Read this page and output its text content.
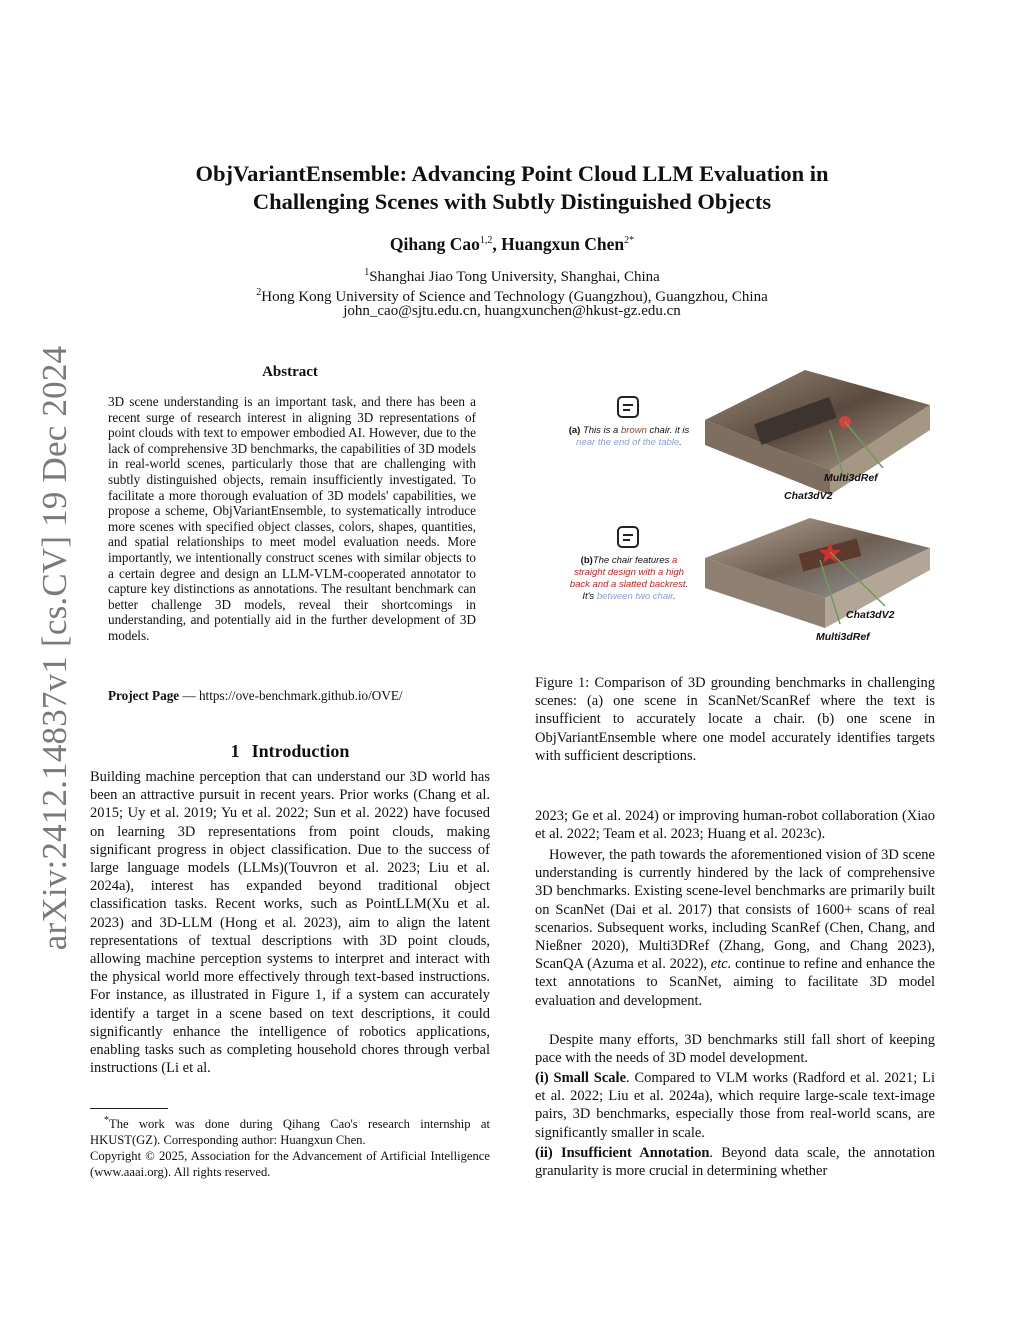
arXiv:2412.14837v1 [cs.CV] 19 Dec 2024
ObjVariantEnsemble: Advancing Point Cloud LLM Evaluation in
Challenging Scenes with Subtly Distinguished Objects
Qihang Cao$^{1,2}$, Huangxun Chen$^{2*}$
$^1$Shanghai Jiao Tong University, Shanghai, China
$^2$Hong Kong University of Science and Technology (Guangzhou), Guangzhou, China
john_cao@sjtu.edu.cn, huangxunchen@hkust-gz.edu.cn
Abstract
3D scene understanding is an important task, and there has been a recent surge of research interest in aligning 3D representations of point clouds with text to empower embodied AI. However, due to the lack of comprehensive 3D benchmarks, the capabilities of 3D models in real-world scenes, particularly those that are challenging with subtly distinguished objects, remain insufficiently investigated. To facilitate a more thorough evaluation of 3D models' capabilities, we propose a scheme, ObjVariantEnsemble, to systematically introduce more scenes with specified object classes, colors, shapes, quantities, and spatial relationships to meet model evaluation needs. More importantly, we intentionally construct scenes with similar objects to a certain degree and design an LLM-VLM-cooperated annotator to capture key distinctions as annotations. The resultant benchmark can better challenge 3D models, reveal their shortcomings in understanding, and potentially aid in the further development of 3D models.
Project Page — https://ove-benchmark.github.io/OVE/
1 Introduction
Building machine perception that can understand our 3D world has been an attractive pursuit in recent years. Prior works (Chang et al. 2015; Uy et al. 2019; Yu et al. 2022; Sun et al. 2022) have focused on learning 3D representations from point clouds, making significant progress in object classification. Due to the success of large language models (LLMs)(Touvron et al. 2023; Liu et al. 2024a), interest has expanded beyond traditional object classification tasks. Recent works, such as PointLLM(Xu et al. 2023) and 3D-LLM (Hong et al. 2023), aim to align the latent representations of textual descriptions with 3D point clouds, allowing machine perception systems to interpret and interact with the physical world more effectively through text-based instructions. For instance, as illustrated in Figure 1, if a system can accurately identify a target in a scene based on text descriptions, it could significantly enhance the intelligence of robotics applications, enabling tasks such as completing household chores through verbal instructions (Li et al.
*The work was done during Qihang Cao's research internship at HKUST(GZ). Corresponding author: Huangxun Chen.
Copyright © 2025, Association for the Advancement of Artificial Intelligence (www.aaai.org). All rights reserved.
Multi3dRef
Chat3dV2
(a) This is a brown chair. it is near the end of the table.
Chat3dV2
Multi3dRef
(b)The chair features a straight design with a high back and a slatted backrest. It's between two chair.
Figure 1: Comparison of 3D grounding benchmarks in challenging scenes: (a) one scene in ScanNet/ScanRef where the text is insufficient to accurately locate a chair. (b) one scene in ObjVariantEnsemble where one model accurately identifies targets with sufficient descriptions.
2023; Ge et al. 2024) or improving human-robot collaboration (Xiao et al. 2022; Team et al. 2023; Huang et al. 2023c).
However, the path towards the aforementioned vision of 3D scene understanding is currently hindered by the lack of comprehensive 3D benchmarks. Existing scene-level benchmarks are primarily built on ScanNet (Dai et al. 2017) that consists of 1600+ scans of real scenarios. Subsequent works, including ScanRef (Chen, Chang, and Nießner 2020), Multi3DRef (Zhang, Gong, and Chang 2023), ScanQA (Azuma et al. 2022), etc. continue to refine and enhance the text annotations to ScanNet, aiming to facilitate 3D model evaluation and development.
Despite many efforts, 3D benchmarks still fall short of keeping pace with the needs of 3D model development.
(i) Small Scale. Compared to VLM works (Radford et al. 2021; Li et al. 2022; Liu et al. 2024a), which require large-scale text-image pairs, 3D benchmarks, especially those from real-world scans, are significantly smaller in scale.
(ii) Insufficient Annotation. Beyond data scale, the annotation granularity is more crucial in determining whether
